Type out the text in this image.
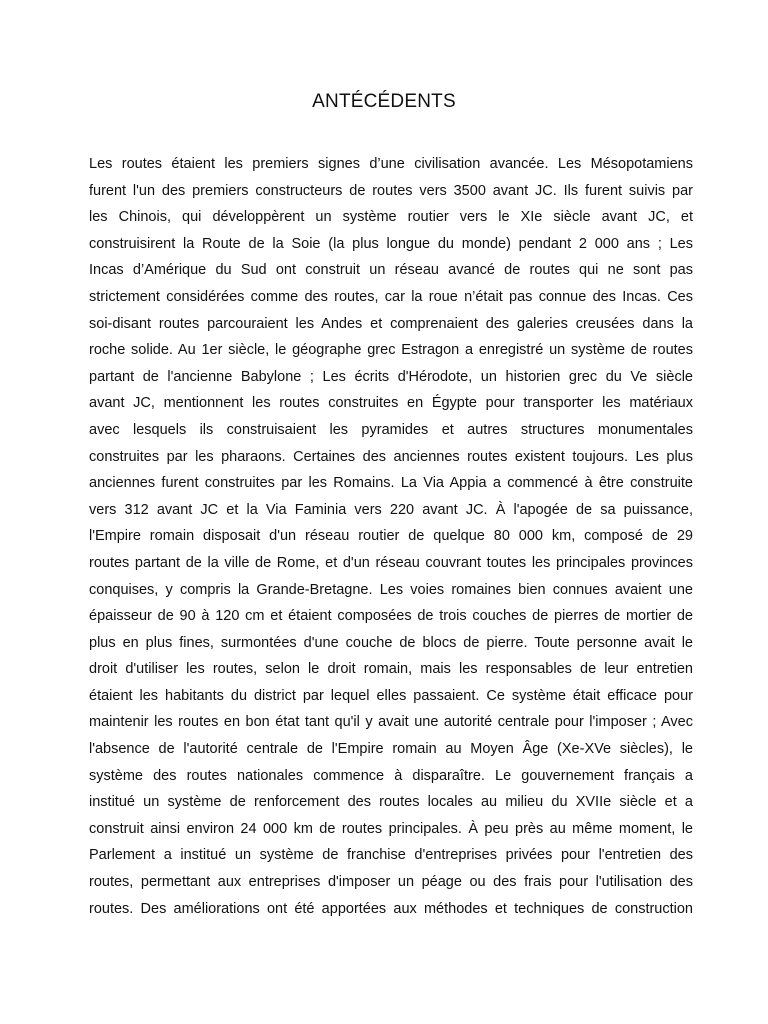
ANTÉCÉDENTS
Les routes étaient les premiers signes d’une civilisation avancée. Les Mésopotamiens
furent l'un des premiers constructeurs de routes vers 3500 avant JC. Ils furent suivis par
les Chinois, qui développèrent un système routier vers le XIe siècle avant JC, et
construisirent la Route de la Soie (la plus longue du monde) pendant 2 000 ans ; Les
Incas d’Amérique du Sud ont construit un réseau avancé de routes qui ne sont pas
strictement considérées comme des routes, car la roue n’était pas connue des Incas. Ces
soi-disant routes parcouraient les Andes et comprenaient des galeries creusées dans la
roche solide. Au 1er siècle, le géographe grec Estragon a enregistré un système de routes
partant de l'ancienne Babylone ; Les écrits d'Hérodote, un historien grec du Ve siècle
avant JC, mentionnent les routes construites en Égypte pour transporter les matériaux
avec lesquels ils construisaient les pyramides et autres structures monumentales
construites par les pharaons. Certaines des anciennes routes existent toujours. Les plus
anciennes furent construites par les Romains. La Via Appia a commencé à être construite
vers 312 avant JC et la Via Faminia vers 220 avant JC. À l'apogée de sa puissance,
l'Empire romain disposait d'un réseau routier de quelque 80 000 km, composé de 29
routes partant de la ville de Rome, et d'un réseau couvrant toutes les principales provinces
conquises, y compris la Grande-Bretagne. Les voies romaines bien connues avaient une
épaisseur de 90 à 120 cm et étaient composées de trois couches de pierres de mortier de
plus en plus fines, surmontées d'une couche de blocs de pierre. Toute personne avait le
droit d'utiliser les routes, selon le droit romain, mais les responsables de leur entretien
étaient les habitants du district par lequel elles passaient. Ce système était efficace pour
maintenir les routes en bon état tant qu'il y avait une autorité centrale pour l'imposer ; Avec
l'absence de l'autorité centrale de l'Empire romain au Moyen Âge (Xe-XVe siècles), le
système des routes nationales commence à disparaître. Le gouvernement français a
institué un système de renforcement des routes locales au milieu du XVIIe siècle et a
construit ainsi environ 24 000 km de routes principales. À peu près au même moment, le
Parlement a institué un système de franchise d'entreprises privées pour l'entretien des
routes, permettant aux entreprises d'imposer un péage ou des frais pour l'utilisation des
routes. Des améliorations ont été apportées aux méthodes et techniques de construction
